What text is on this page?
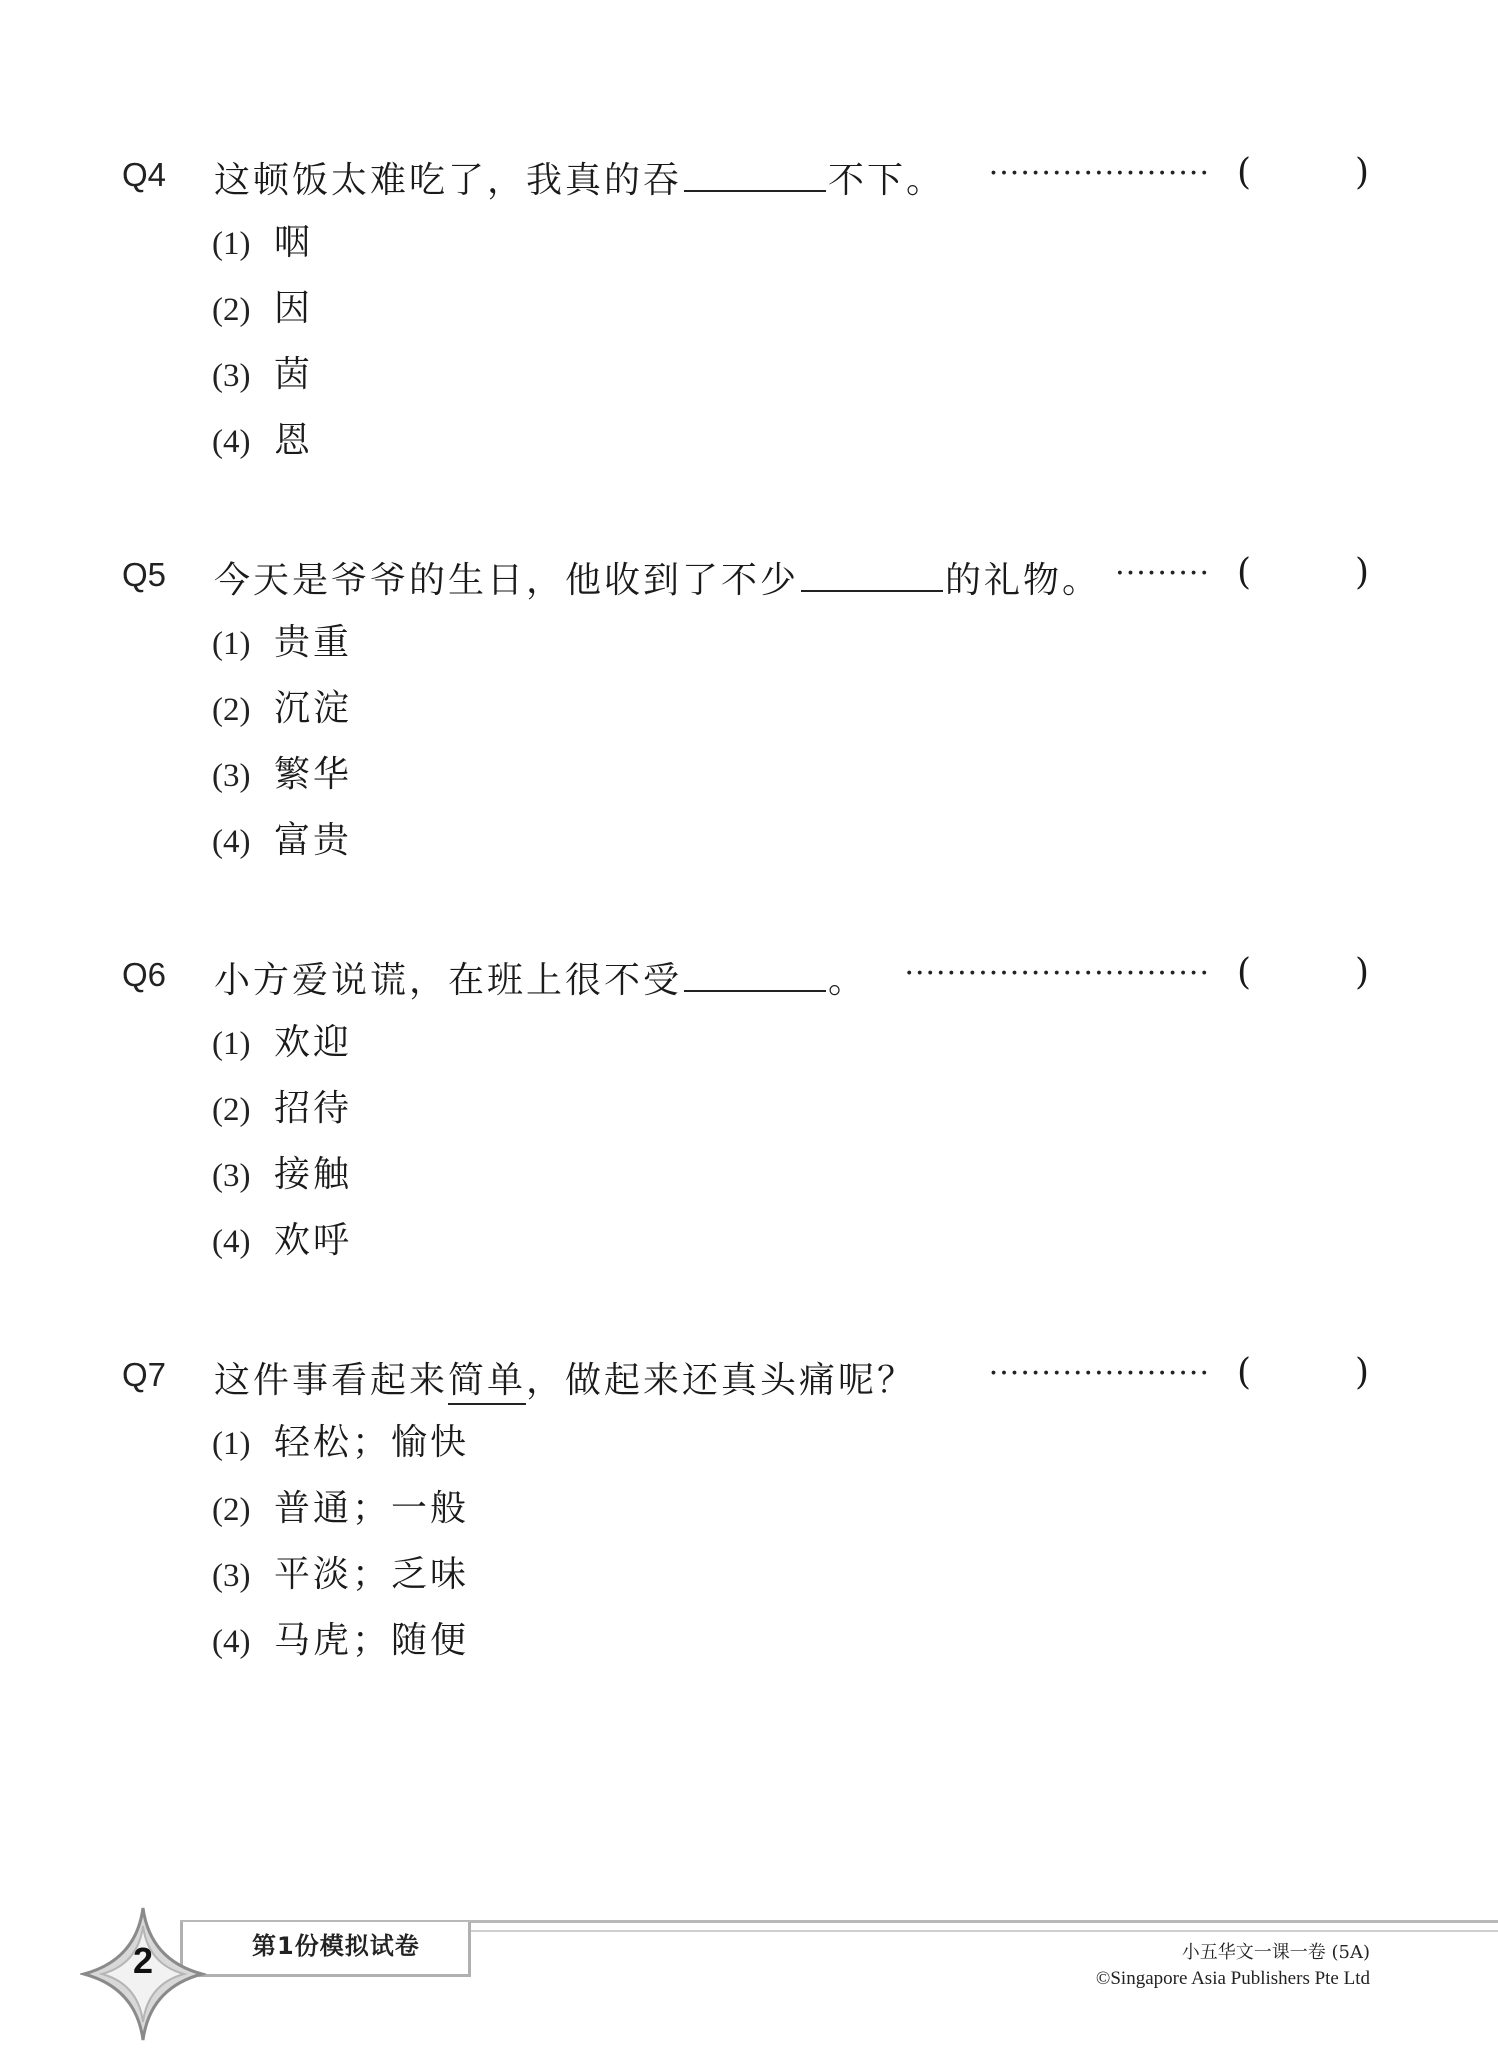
Q4 这顿饭太难吃了，我真的吞	不下。 ····················· (	)
(1) 咽
(2) 因
(3) 茵
(4) 恩
Q5 今天是爷爷的生日，他收到了不少	的礼物。 ········· (	)
(1) 贵重
(2) 沉淀
(3) 繁华
(4) 富贵
Q6 小方爱说谎，在班上很不受	。 ····························· (	)
(1) 欢迎
(2) 招待
(3) 接触
(4) 欢呼
Q7 这件事看起来简单，做起来还真头痛呢？ ····················· (	)
(1) 轻松；愉快
(2) 普通；一般
(3) 平淡；乏味
(4) 马虎；随便
第1份模拟试卷
2	小五华文一课一卷 (5A)
©Singapore Asia Publishers Pte Ltd
